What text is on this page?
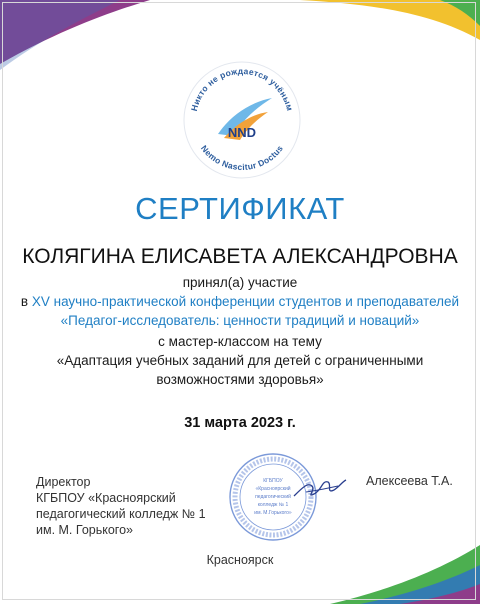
Никто не рождается учёным
Nemo Nascitur Doctus
NND
СЕРТИФИКАТ
КОЛЯГИНА ЕЛИСАВЕТА АЛЕКСАНДРОВНА
принял(а) участие
в XV научно-практической конференции студентов и преподавателей
«Педагог-исследователь: ценности традиций и новаций»
с мастер-классом на тему
«Адаптация учебных заданий для детей с ограниченными
возможностями здоровья»
31 марта 2023 г.
Директор
КГБПОУ «Красноярский
педагогический колледж № 1
им. М. Горького»
КГБПОУ
«Красноярский
педагогический
колледж № 1
им. М.Горького»
Алексеева Т.А.
Красноярск
